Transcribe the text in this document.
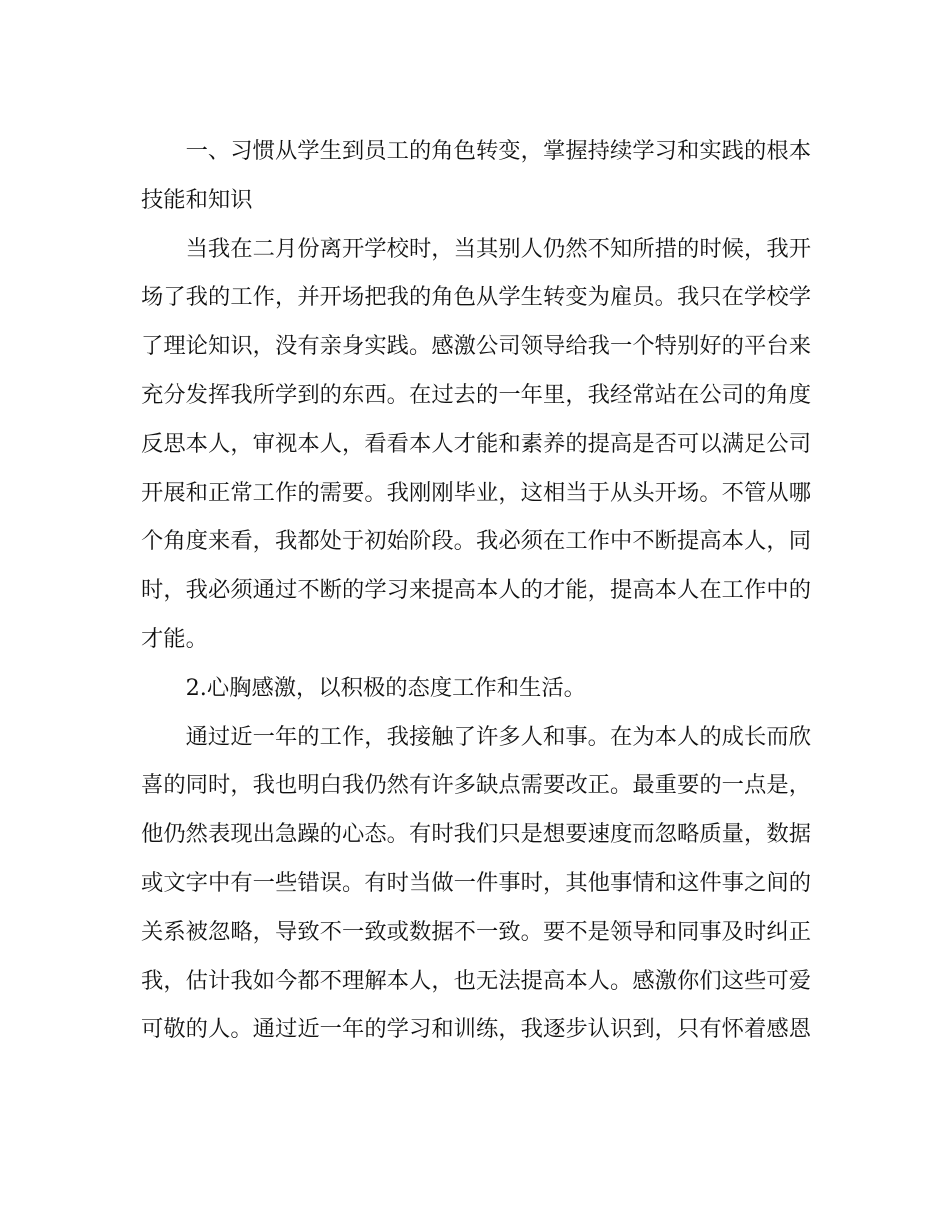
一、习惯从学生到员工的角色转变，掌握持续学习和实践的根本
技能和知识

当我在二月份离开学校时，当其别人仍然不知所措的时候，我开
场了我的工作，并开场把我的角色从学生转变为雇员。我只在学校学
了理论知识，没有亲身实践。感激公司领导给我一个特别好的平台来
充分发挥我所学到的东西。在过去的一年里，我经常站在公司的角度
反思本人，审视本人，看看本人才能和素养的提高是否可以满足公司
开展和正常工作的需要。我刚刚毕业，这相当于从头开场。不管从哪
个角度来看，我都处于初始阶段。我必须在工作中不断提高本人，同
时，我必须通过不断的学习来提高本人的才能，提高本人在工作中的
才能。

2.心胸感激，以积极的态度工作和生活。

通过近一年的工作，我接触了许多人和事。在为本人的成长而欣
喜的同时，我也明白我仍然有许多缺点需要改正。最重要的一点是，
他仍然表现出急躁的心态。有时我们只是想要速度而忽略质量，数据
或文字中有一些错误。有时当做一件事时，其他事情和这件事之间的
关系被忽略，导致不一致或数据不一致。要不是领导和同事及时纠正
我，估计我如今都不理解本人，也无法提高本人。感激你们这些可爱
可敬的人。通过近一年的学习和训练，我逐步认识到，只有怀着感恩
